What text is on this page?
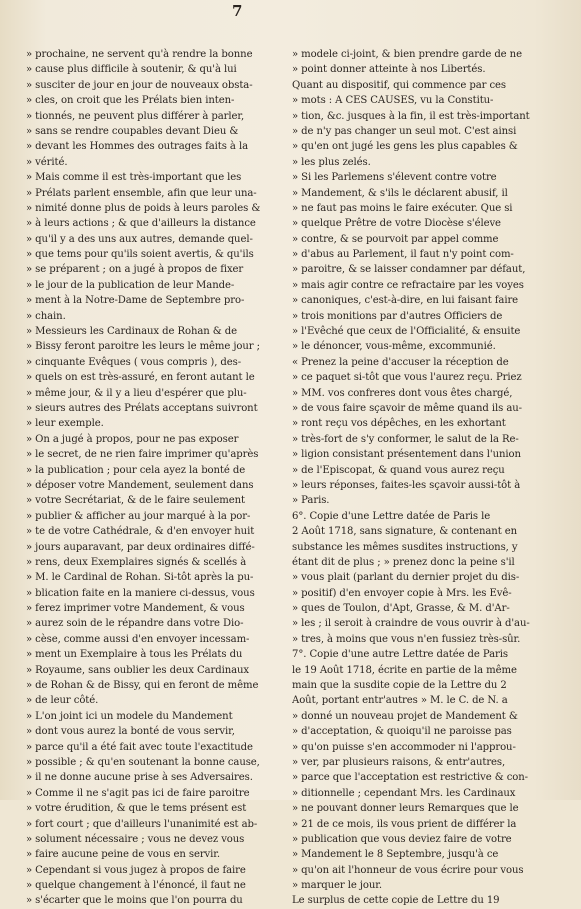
7
» prochaine, ne servent qu'à rendre la bonne
» cause plus difficile à soutenir, & qu'à lui
» susciter de jour en jour de nouveaux obsta-
» cles, on croit que les Prélats bien inten-
» tionnés, ne peuvent plus différer à parler,
» sans se rendre coupables devant Dieu &
» devant les Hommes des outrages faits à la
» vérité.
» Mais comme il est très-important que les
» Prélats parlent ensemble, afin que leur una-
» nimité donne plus de poids à leurs paroles &
» à leurs actions ; & que d'ailleurs la distance
» qu'il y a des uns aux autres, demande quel-
» que tems pour qu'ils soient avertis, & qu'ils
» se préparent ; on a jugé à propos de fixer
» le jour de la publication de leur Mande-
» ment à la Notre-Dame de Septembre pro-
» chain.
» Messieurs les Cardinaux de Rohan & de
» Bissy feront paroitre les leurs le même jour ;
» cinquante Evêques ( vous compris ), des-
» quels on est très-assuré, en feront autant le
» même jour, & il y a lieu d'espérer que plu-
» sieurs autres des Prélats acceptans suivront
» leur exemple.
» On a jugé à propos, pour ne pas exposer
» le secret, de ne rien faire imprimer qu'après
» la publication ; pour cela ayez la bonté de
» déposer votre Mandement, seulement dans
» votre Secrétariat, & de le faire seulement
» publier & afficher au jour marqué à la por-
» te de votre Cathédrale, & d'en envoyer huit
» jours auparavant, par deux ordinaires diffé-
» rens, deux Exemplaires signés & scellés à
» M. le Cardinal de Rohan. Si-tôt après la pu-
» blication faite en la maniere ci-dessus, vous
» ferez imprimer votre Mandement, & vous
» aurez soin de le répandre dans votre Dio-
» cèse, comme aussi d'en envoyer incessam-
» ment un Exemplaire à tous les Prélats du
» Royaume, sans oublier les deux Cardinaux
» de Rohan & de Bissy, qui en feront de même
» de leur côté.
» L'on joint ici un modele du Mandement
» dont vous aurez la bonté de vous servir,
» parce qu'il a été fait avec toute l'exactitude
» possible ; & qu'en soutenant la bonne cause,
» il ne donne aucune prise à ses Adversaires.
» Comme il ne s'agit pas ici de faire paroitre
» votre érudition, & que le tems présent est
» fort court ; que d'ailleurs l'unanimité est ab-
» solument nécessaire ; vous ne devez vous
» faire aucune peine de vous en servir.
» Cependant si vous jugez à propos de faire
» quelque changement à l'énoncé, il faut ne
» s'écarter que le moins que l'on pourra du
» modele ci-joint, & bien prendre garde de ne
» point donner atteinte à nos Libertés.
Quant au dispositif, qui commence par ces
» mots : A CES CAUSES, vu la Constitu-
» tion, &c. jusques à la fin, il est très-important
» de n'y pas changer un seul mot. C'est ainsi
» qu'en ont jugé les gens les plus capables &
» les plus zelés.
» Si les Parlemens s'élevent contre votre
» Mandement, & s'ils le déclarent abusif, il
» ne faut pas moins le faire exécuter. Que si
» quelque Prêtre de votre Diocèse s'éleve
» contre, & se pourvoit par appel comme
» d'abus au Parlement, il faut n'y point com-
» paroitre, & se laisser condamner par défaut,
» mais agir contre ce refractaire par les voyes
» canoniques, c'est-à-dire, en lui faisant faire
» trois monitions par d'autres Officiers de
» l'Evêché que ceux de l'Officialité, & ensuite
» le dénoncer, vous-même, excommunié.
« Prenez la peine d'accuser la réception de
» ce paquet si-tôt que vous l'aurez reçu. Priez
» MM. vos confreres dont vous êtes chargé,
» de vous faire sçavoir de même quand ils au-
» ront reçu vos dépêches, en les exhortant
» très-fort de s'y conformer, le salut de la Re-
» ligion consistant présentement dans l'union
» de l'Episcopat, & quand vous aurez reçu
» leurs réponses, faites-les sçavoir aussi-tôt à
» Paris.
6°. Copie d'une Lettre datée de Paris le
2 Août 1718, sans signature, & contenant en
substance les mêmes susdites instructions, y
étant dit de plus ; » prenez donc la peine s'il
» vous plait (parlant du dernier projet du dis-
» positif) d'en envoyer copie à Mrs. les Evê-
» ques de Toulon, d'Apt, Grasse, & M. d'Ar-
» les ; il seroit à craindre de vous ouvrir à d'au-
» tres, à moins que vous n'en fussiez très-sûr.
7°. Copie d'une autre Lettre datée de Paris
le 19 Août 1718, écrite en partie de la même
main que la susdite copie de la Lettre du 2
Août, portant entr'autres » M. le C. de N. a
» donné un nouveau projet de Mandement &
» d'acceptation, & quoiqu'il ne paroisse pas
» qu'on puisse s'en accommoder ni l'approu-
» ver, par plusieurs raisons, & entr'autres,
» parce que l'acceptation est restrictive & con-
» ditionnelle ; cependant Mrs. les Cardinaux
» ne pouvant donner leurs Remarques que le
» 21 de ce mois, ils vous prient de différer la
» publication que vous deviez faire de votre
» Mandement le 8 Septembre, jusqu'à ce
» qu'on ait l'honneur de vous écrire pour vous
» marquer le jour.
Le surplus de cette copie de Lettre du 19
